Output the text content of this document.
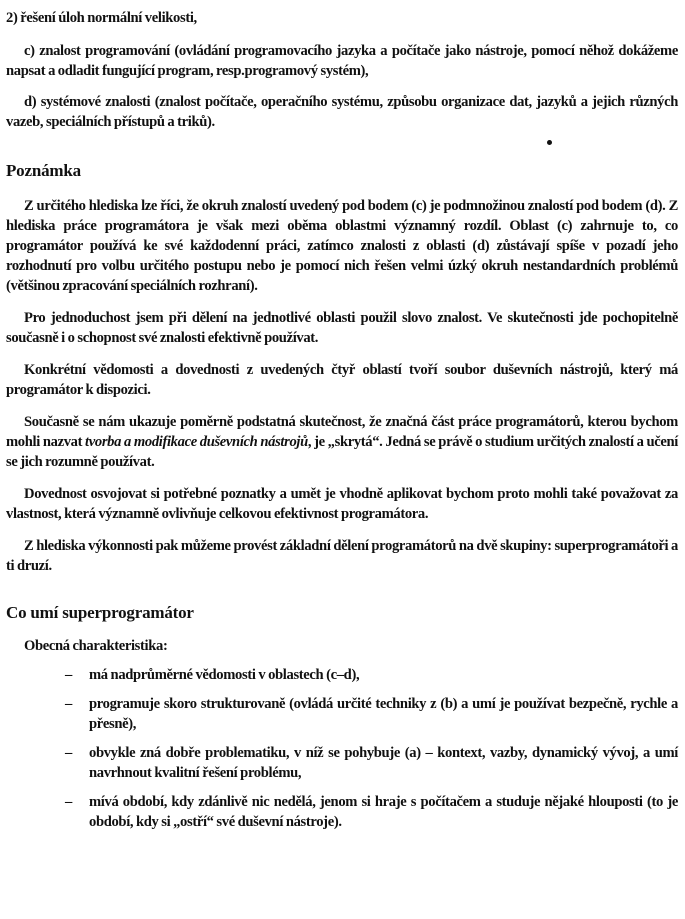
2) řešení úloh normální velikosti,

c) znalost programování (ovládání programovacího jazyka a počítače jako nástroje, pomocí něhož dokážeme napsat a odladit fungující program, resp.programový systém),

d) systémové znalosti (znalost počítače, operačního systému, způsobu organizace dat, jazyků a jejich různých vazeb, speciálních přístupů a triků).

Poznámka

Z určitého hlediska lze říci, že okruh znalostí uvedený pod bodem (c) je podmnožinou znalostí pod bodem (d). Z hlediska práce programátora je však mezi oběma oblastmi významný rozdíl. Oblast (c) zahrnuje to, co programátor používá ke své každodenní práci, zatímco znalosti z oblasti (d) zůstávají spíše v pozadí jeho rozhodnutí pro volbu určitého postupu nebo je pomocí nich řešen velmi úzký okruh nestandardních problémů (většinou zpracování speciálních rozhraní).

Pro jednoduchost jsem při dělení na jednotlivé oblasti použil slovo znalost. Ve skutečnosti jde pochopitelně současně i o schopnost své znalosti efektivně používat.

Konkrétní vědomosti a dovednosti z uvedených čtyř oblastí tvoří soubor duševních nástrojů, který má programátor k dispozici.

Současně se nám ukazuje poměrně podstatná skutečnost, že značná část práce programátorů, kterou bychom mohli nazvat tvorba a modifikace duševních nástrojů, je „skrytá“. Jedná se právě o studium určitých znalostí a učení se jich rozumně používat.

Dovednost osvojovat si potřebné poznatky a umět je vhodně aplikovat bychom proto mohli také považovat za vlastnost, která významně ovlivňuje celkovou efektivnost programátora.

Z hlediska výkonnosti pak můžeme provést základní dělení programátorů na dvě skupiny: superprogramátoři a ti druzí.

Co umí superprogramátor

Obecná charakteristika:

– má nadprůměrné vědomosti v oblastech (c–d),
– programuje skoro strukturovaně (ovládá určité techniky z (b) a umí je používat bezpečně, rychle a přesně),
– obvykle zná dobře problematiku, v níž se pohybuje (a) – kontext, vazby, dynamický vývoj, a umí navrhnout kvalitní řešení problému,
– mívá období, kdy zdánlivě nic nedělá, jenom si hraje s počítačem a studuje nějaké hlouposti (to je období, kdy si „ostří“ své duševní nástroje).
